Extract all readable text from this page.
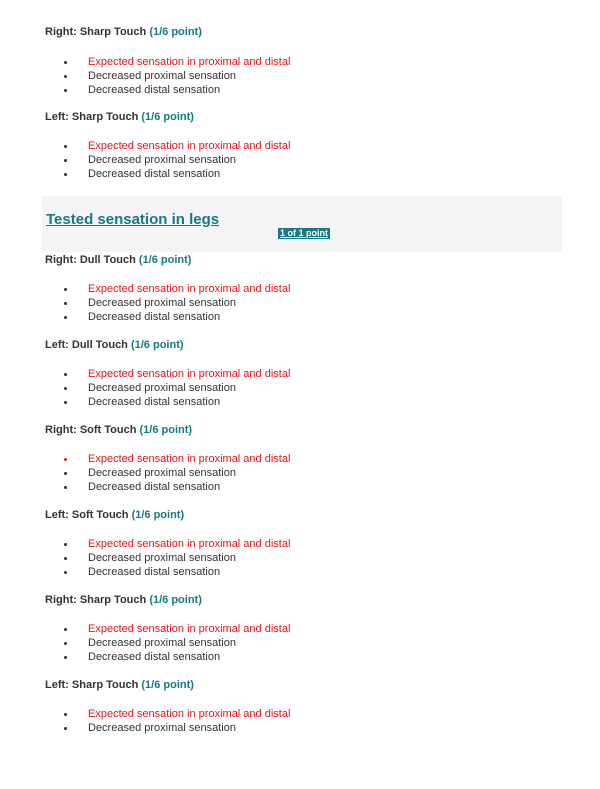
Right: Sharp Touch (1/6 point)
Expected sensation in proximal and distal
Decreased proximal sensation
Decreased distal sensation
Left: Sharp Touch (1/6 point)
Expected sensation in proximal and distal
Decreased proximal sensation
Decreased distal sensation
Tested sensation in legs
1 of 1 point
Right: Dull Touch (1/6 point)
Expected sensation in proximal and distal
Decreased proximal sensation
Decreased distal sensation
Left: Dull Touch (1/6 point)
Expected sensation in proximal and distal
Decreased proximal sensation
Decreased distal sensation
Right: Soft Touch (1/6 point)
Expected sensation in proximal and distal
Decreased proximal sensation
Decreased distal sensation
Left: Soft Touch (1/6 point)
Expected sensation in proximal and distal
Decreased proximal sensation
Decreased distal sensation
Right: Sharp Touch (1/6 point)
Expected sensation in proximal and distal
Decreased proximal sensation
Decreased distal sensation
Left: Sharp Touch (1/6 point)
Expected sensation in proximal and distal
Decreased proximal sensation
